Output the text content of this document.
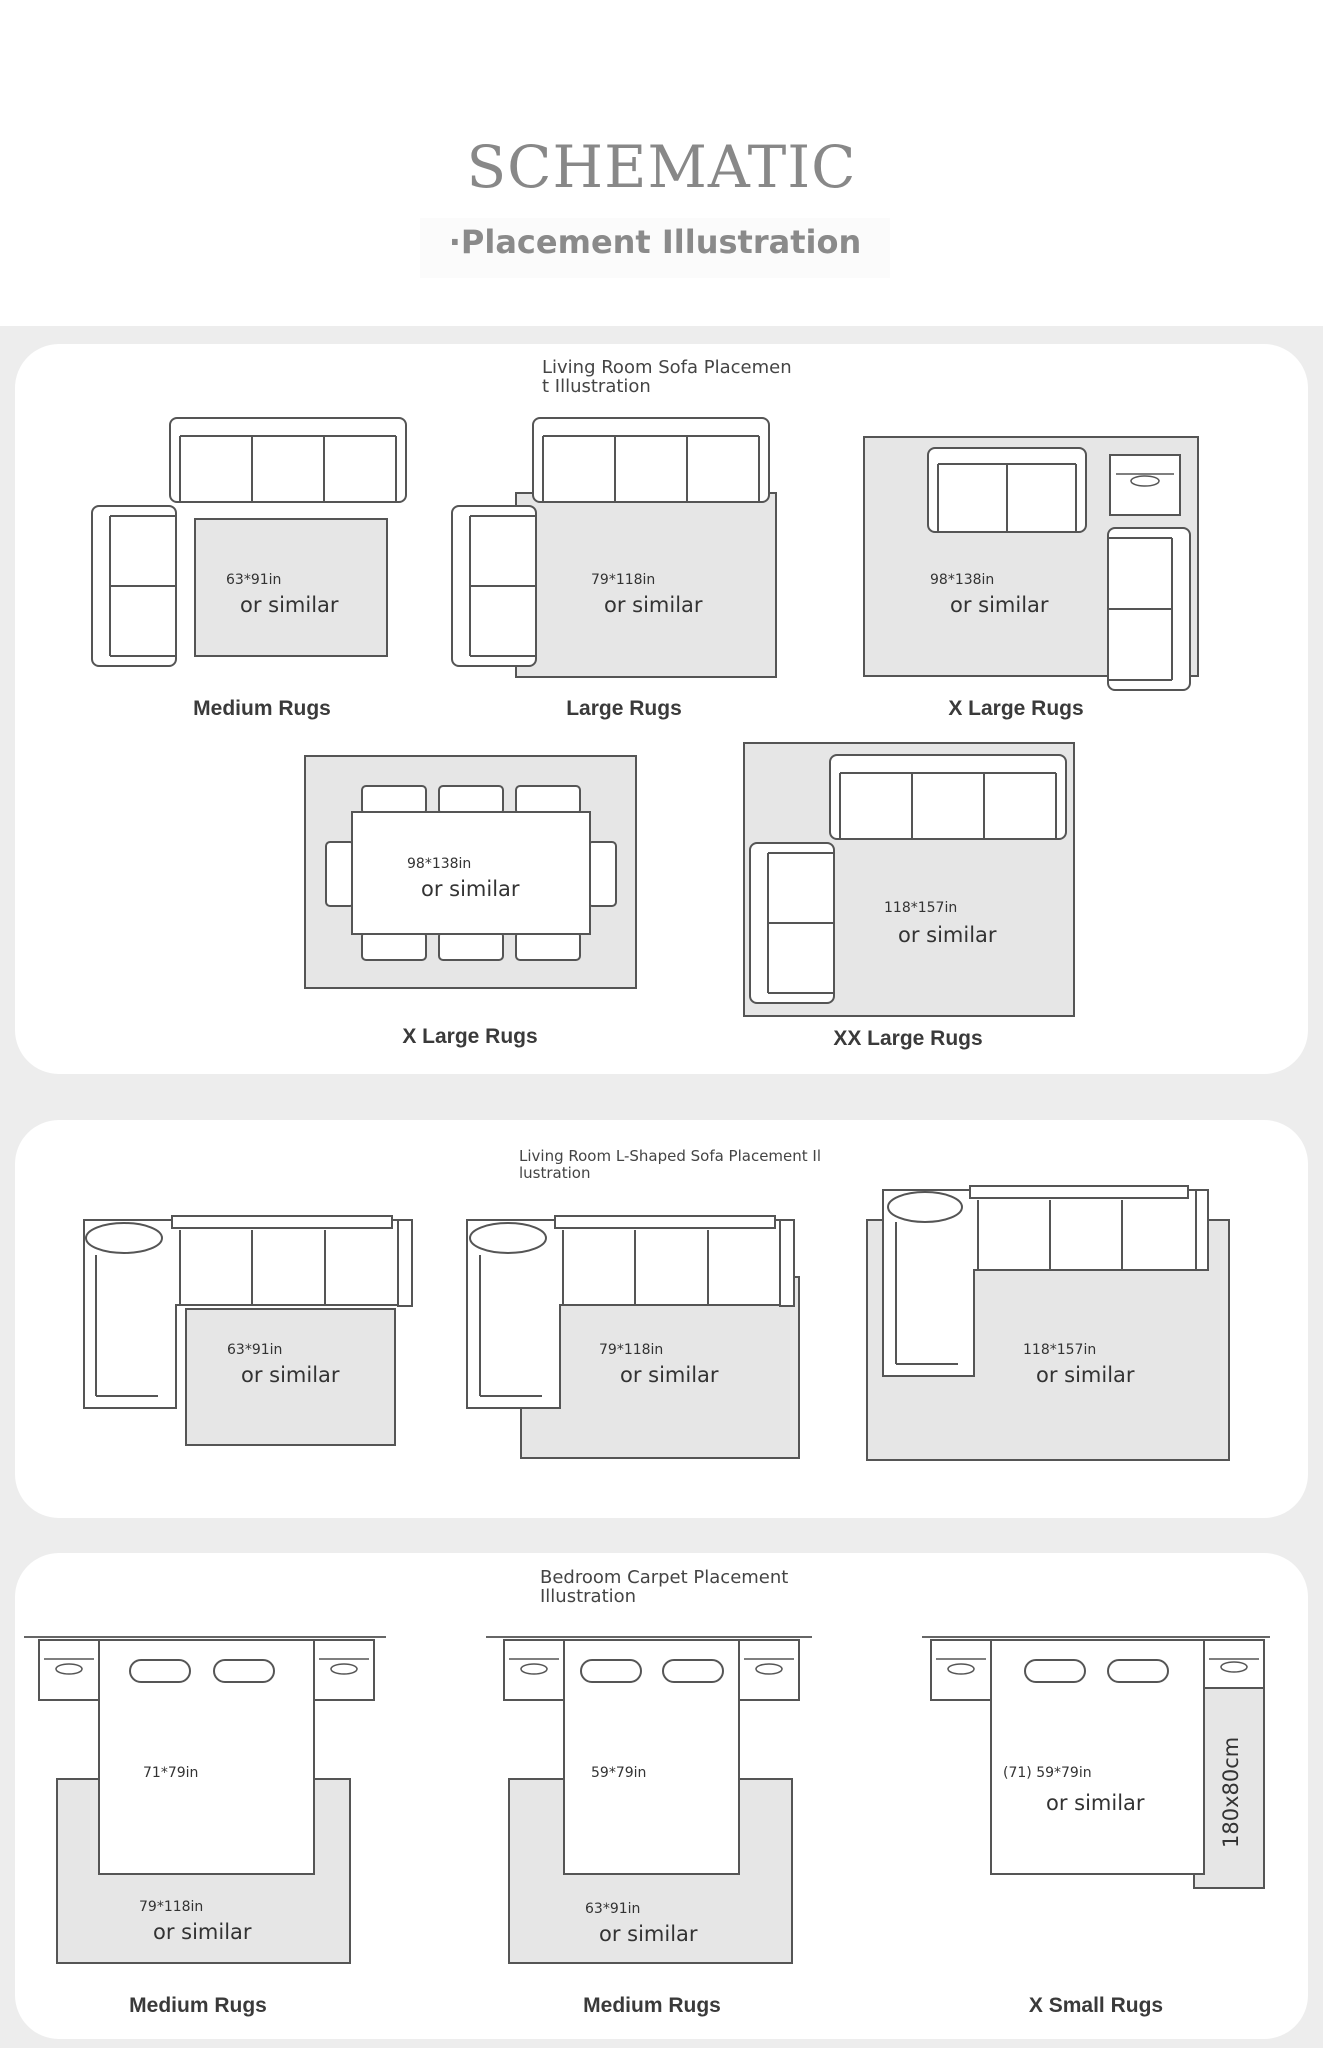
SCHEMATIC
·Placement Illustration
Living Room Sofa Placemen
t Illustration
Living Room L-Shaped Sofa Placement Il
lustration
Bedroom Carpet Placement
Illustration
63*91in
or similar
79*118in
or similar
98*138in
or similar
98*138in
or similar
118*157in
or similar
63*91in
or similar
79*118in
or similar
118*157in
or similar
71*79in
79*118in
or similar
59*79in
63*91in
or similar
(71) 59*79in
or similar	180x80cm
Medium Rugs	Large Rugs	X Large Rugs
X Large Rugs	XX Large Rugs
Medium Rugs	Medium Rugs	X Small Rugs
